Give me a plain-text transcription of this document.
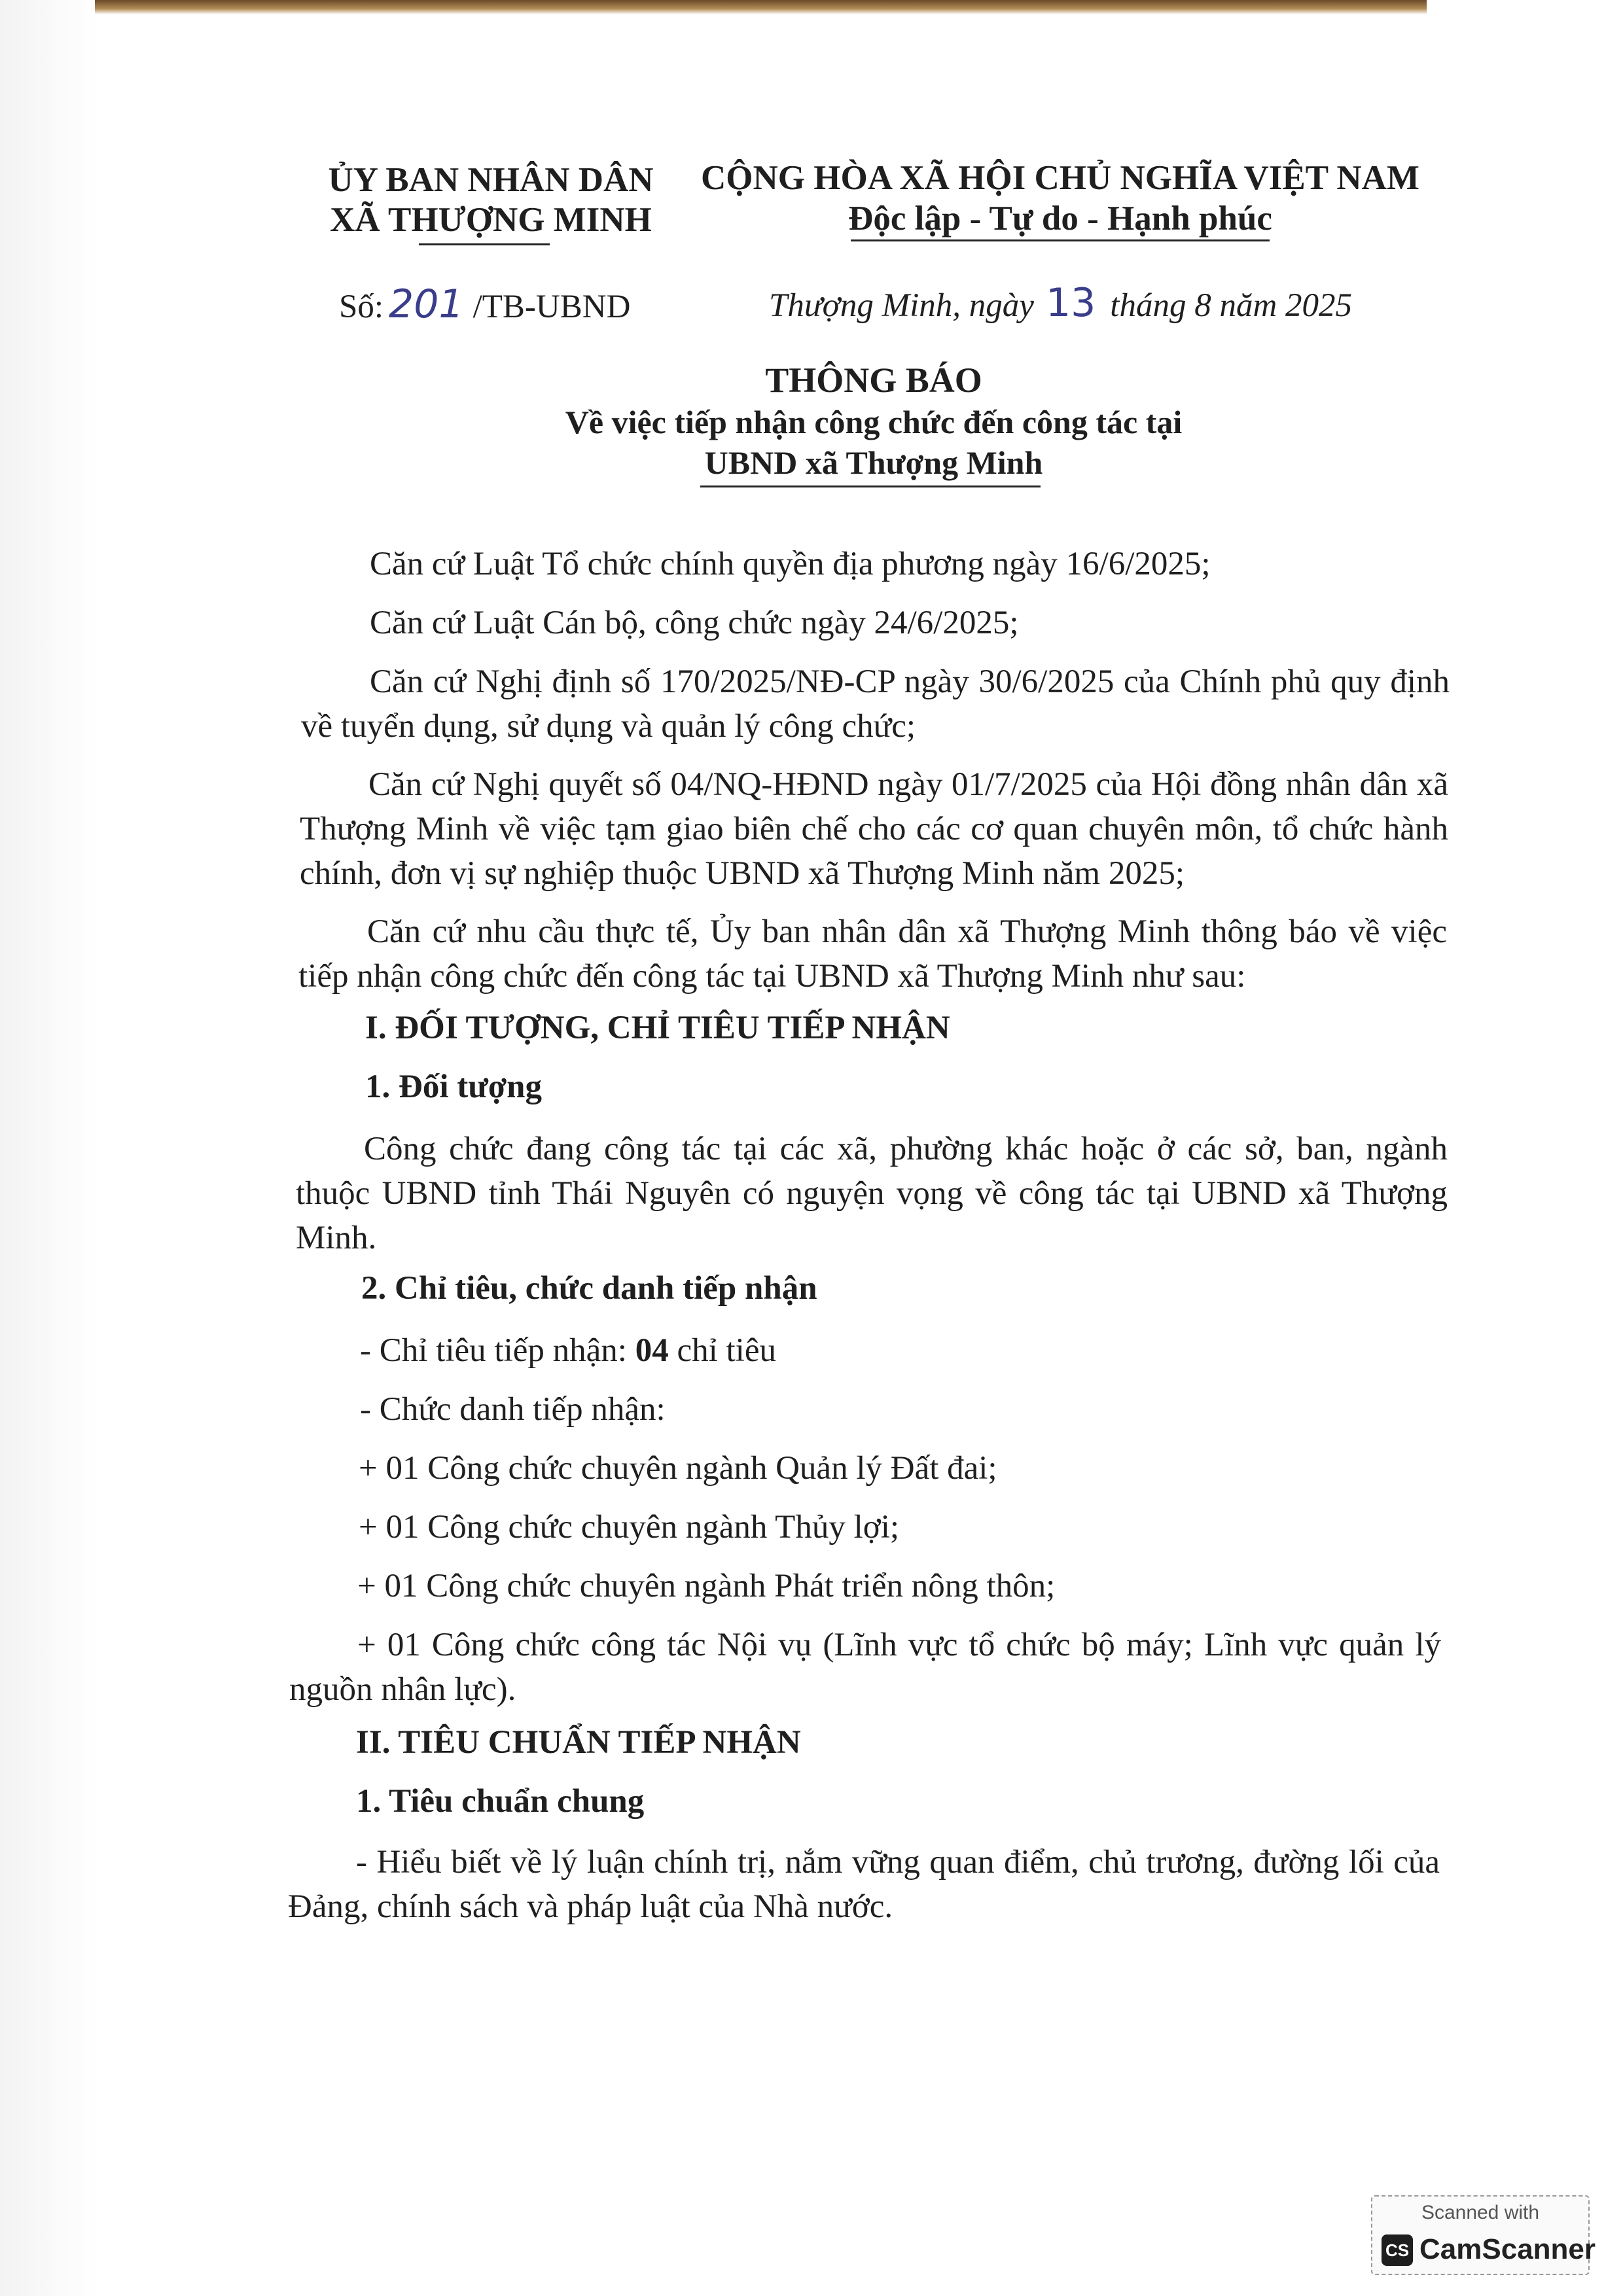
ỦY BAN NHÂN DÂN
XÃ THƯỢNG MINH
CỘNG HÒA XÃ HỘI CHỦ NGHĨA VIỆT NAM
Độc lập - Tự do - Hạnh phúc
Số: 201 /TB-UBND	Thượng Minh, ngày 13 tháng 8 năm 2025
THÔNG BÁO
Về việc tiếp nhận công chức đến công tác tại
UBND xã Thượng Minh
Căn cứ Luật Tổ chức chính quyền địa phương ngày 16/6/2025;
Căn cứ Luật Cán bộ, công chức ngày 24/6/2025;
Căn cứ Nghị định số 170/2025/NĐ-CP ngày 30/6/2025 của Chính phủ quy định về tuyển dụng, sử dụng và quản lý công chức;
Căn cứ Nghị quyết số 04/NQ-HĐND ngày 01/7/2025 của Hội đồng nhân dân xã Thượng Minh về việc tạm giao biên chế cho các cơ quan chuyên môn, tổ chức hành chính, đơn vị sự nghiệp thuộc UBND xã Thượng Minh năm 2025;
Căn cứ nhu cầu thực tế, Ủy ban nhân dân xã Thượng Minh thông báo về việc tiếp nhận công chức đến công tác tại UBND xã Thượng Minh như sau:
I. ĐỐI TƯỢNG, CHỈ TIÊU TIẾP NHẬN
1. Đối tượng
Công chức đang công tác tại các xã, phường khác hoặc ở các sở, ban, ngành thuộc UBND tỉnh Thái Nguyên có nguyện vọng về công tác tại UBND xã Thượng Minh.
2. Chỉ tiêu, chức danh tiếp nhận
- Chỉ tiêu tiếp nhận: 04 chỉ tiêu
- Chức danh tiếp nhận:
+ 01 Công chức chuyên ngành Quản lý Đất đai;
+ 01 Công chức chuyên ngành Thủy lợi;
+ 01 Công chức chuyên ngành Phát triển nông thôn;
+ 01 Công chức công tác Nội vụ (Lĩnh vực tổ chức bộ máy; Lĩnh vực quản lý nguồn nhân lực).
II. TIÊU CHUẨN TIẾP NHẬN
1. Tiêu chuẩn chung
- Hiểu biết về lý luận chính trị, nắm vững quan điểm, chủ trương, đường lối của Đảng, chính sách và pháp luật của Nhà nước.
Scanned with
CS CamScanner
